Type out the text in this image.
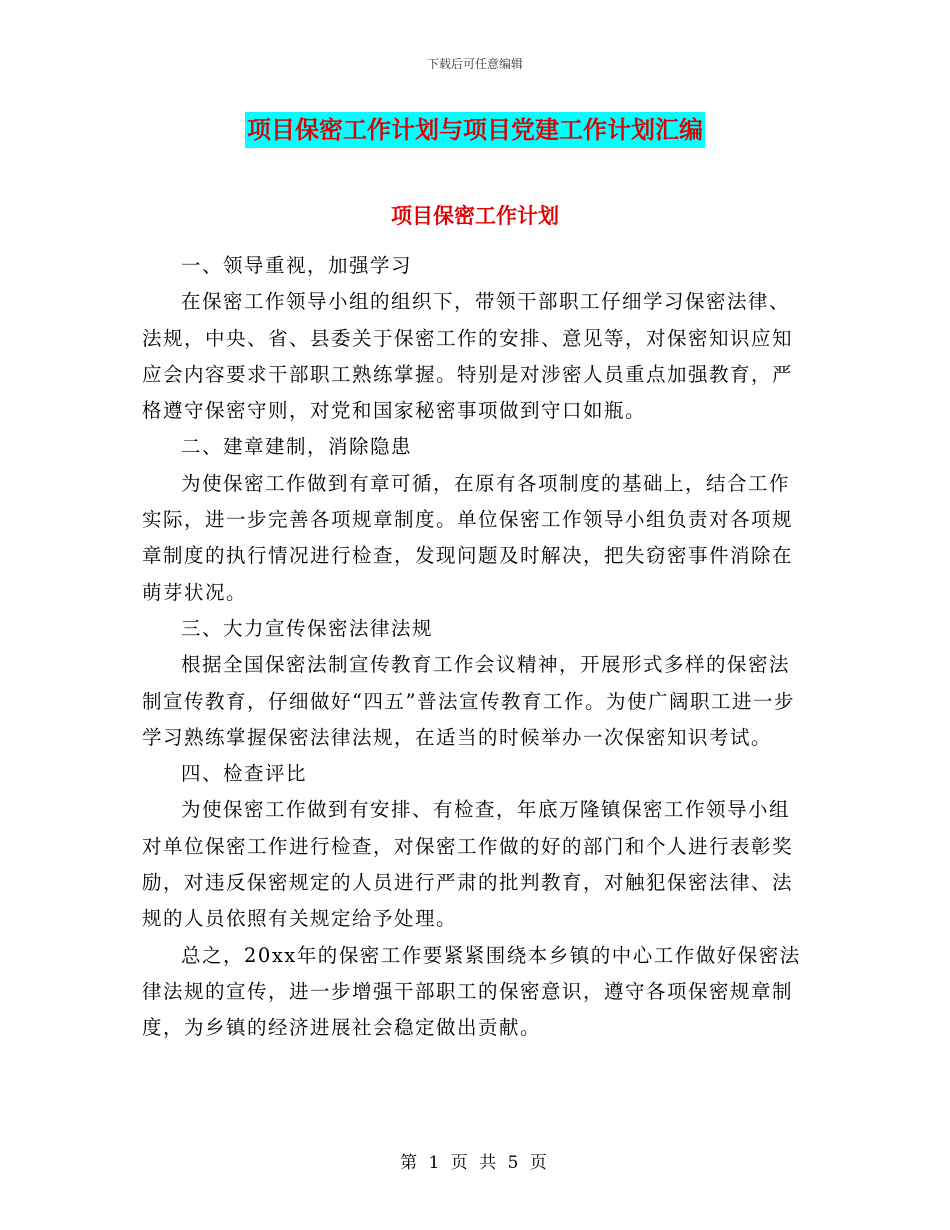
下载后可任意编辑
项目保密工作计划与项目党建工作计划汇编
项目保密工作计划

一、领导重视，加强学习

在保密工作领导小组的组织下，带领干部职工仔细学习保密法律、法规，中央、省、县委关于保密工作的安排、意见等，对保密知识应知应会内容要求干部职工熟练掌握。特别是对涉密人员重点加强教育，严格遵守保密守则，对党和国家秘密事项做到守口如瓶。

二、建章建制，消除隐患

为使保密工作做到有章可循，在原有各项制度的基础上，结合工作实际，进一步完善各项规章制度。单位保密工作领导小组负责对各项规章制度的执行情况进行检查，发现问题及时解决，把失窃密事件消除在萌芽状况。

三、大力宣传保密法律法规

根据全国保密法制宣传教育工作会议精神，开展形式多样的保密法制宣传教育，仔细做好“四五”普法宣传教育工作。为使广阔职工进一步学习熟练掌握保密法律法规，在适当的时候举办一次保密知识考试。

四、检查评比

为使保密工作做到有安排、有检查，年底万隆镇保密工作领导小组对单位保密工作进行检查，对保密工作做的好的部门和个人进行表彰奖励，对违反保密规定的人员进行严肃的批判教育，对触犯保密法律、法规的人员依照有关规定给予处理。

总之，20xx年的保密工作要紧紧围绕本乡镇的中心工作做好保密法律法规的宣传，进一步增强干部职工的保密意识，遵守各项保密规章制度，为乡镇的经济进展社会稳定做出贡献。

第 1 页 共 5 页
